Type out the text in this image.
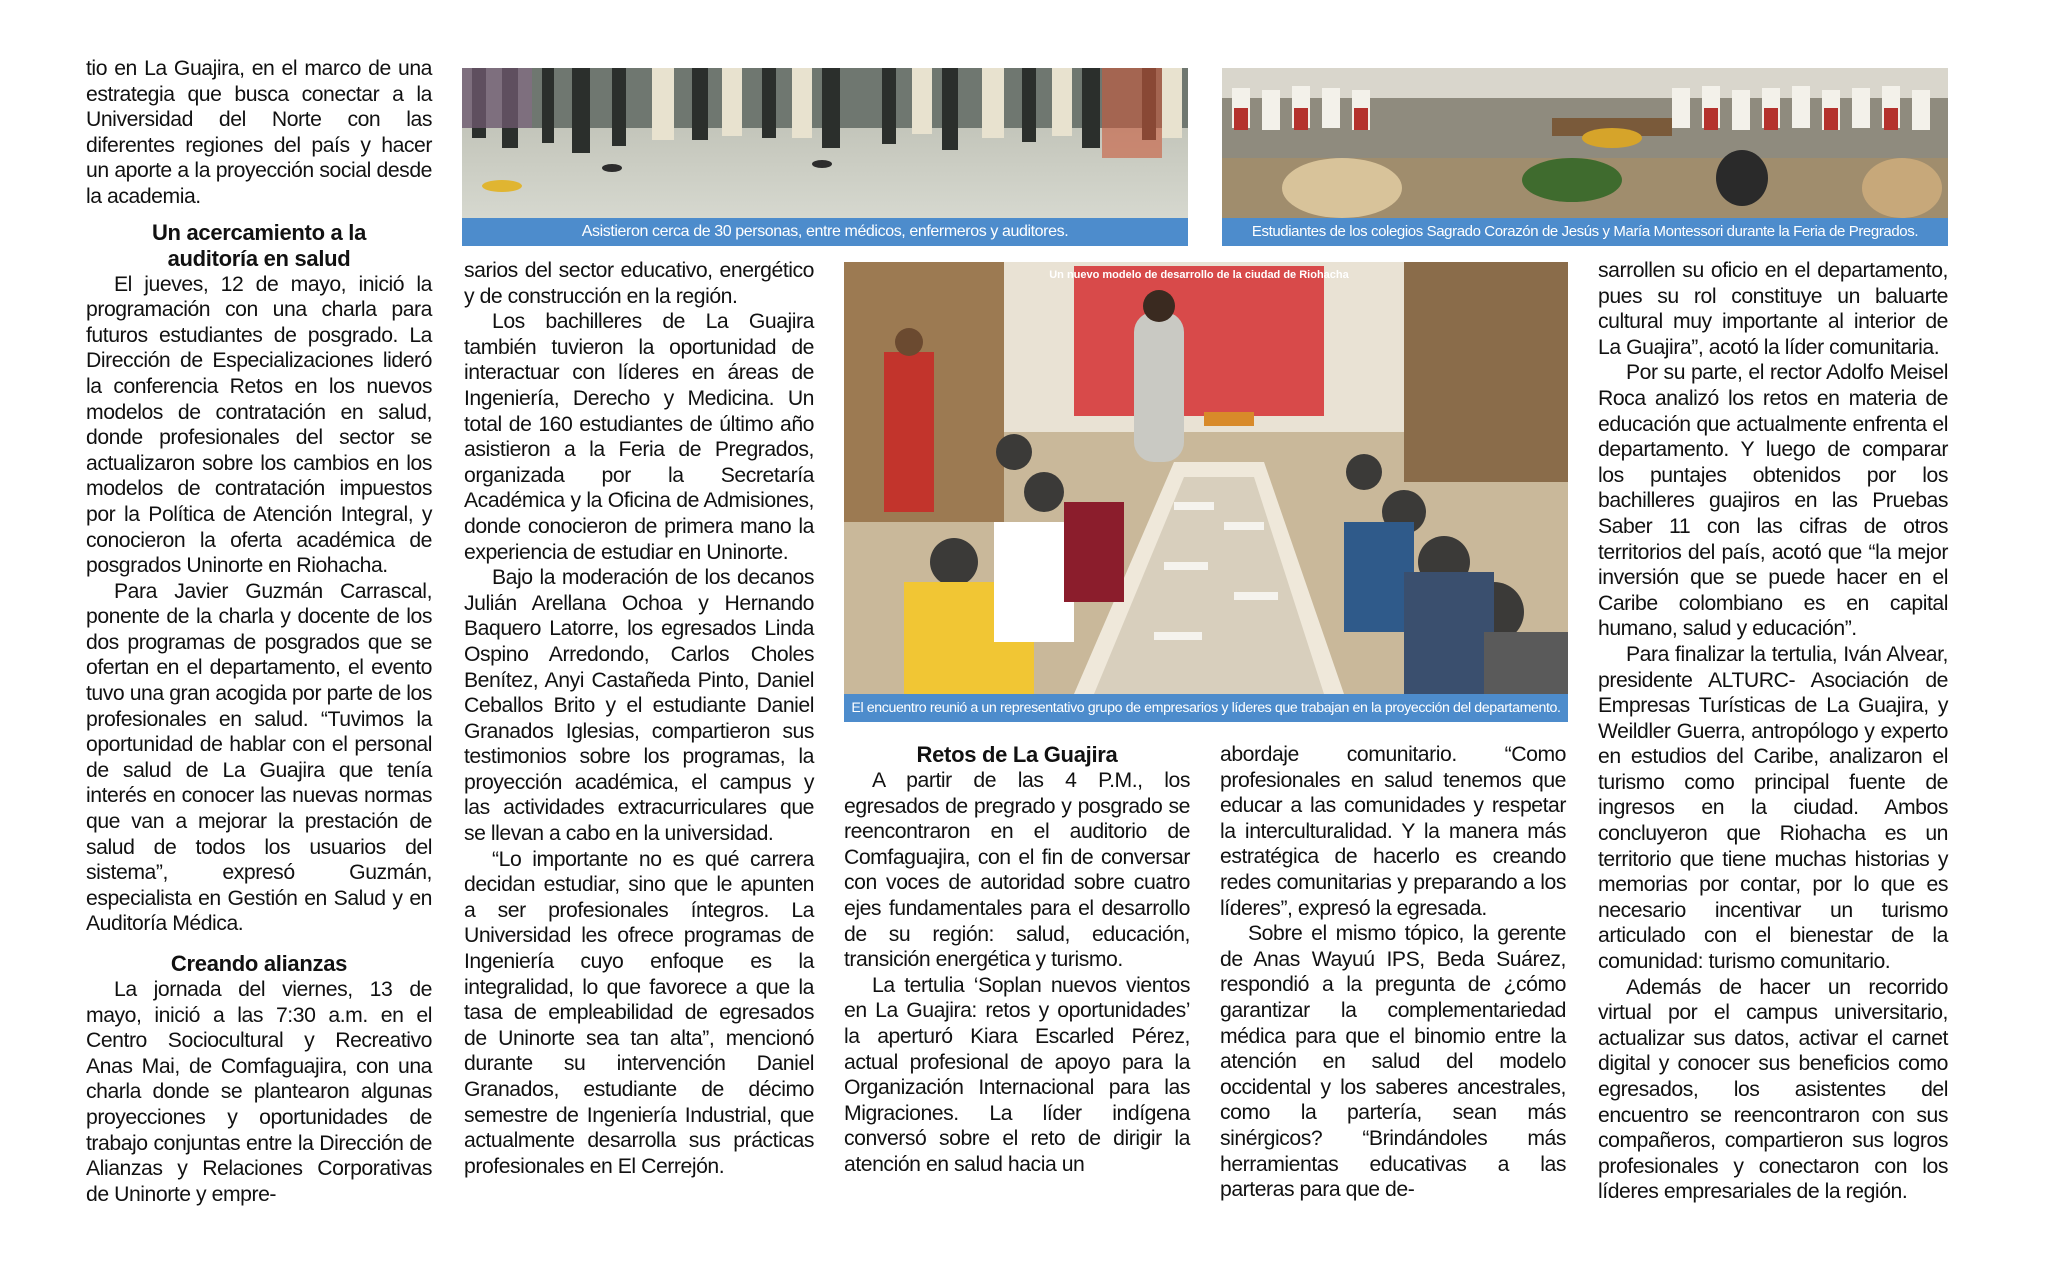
tio en La Guajira, en el marco de una estrategia que busca conectar a la Universidad del Norte con las diferentes regiones del país y hacer un aporte a la proyección social desde la academia.

Un acercamiento a la auditoría en salud

El jueves, 12 de mayo, inició la programación con una charla para futuros estudiantes de posgrado. La Dirección de Especializaciones lideró la conferencia Retos en los nuevos modelos de contratación en salud, donde profesionales del sector se actualizaron sobre los cambios en los modelos de contratación impuestos por la Política de Atención Integral, y conocieron la oferta académica de posgrados Uninorte en Riohacha.

Para Javier Guzmán Carrascal, ponente de la charla y docente de los dos programas de posgrados que se ofertan en el departamento, el evento tuvo una gran acogida por parte de los profesionales en salud. “Tuvimos la oportunidad de hablar con el personal de salud de La Guajira que tenía interés en conocer las nuevas normas que van a mejorar la prestación de salud de todos los usuarios del sistema”, expresó Guzmán, especialista en Gestión en Salud y en Auditoría Médica.

Creando alianzas

La jornada del viernes, 13 de mayo, inició a las 7:30 a.m. en el Centro Sociocultural y Recreativo Anas Mai, de Comfaguajira, con una charla donde se plantearon algunas proyecciones y oportunidades de trabajo conjuntas entre la Dirección de Alianzas y Relaciones Corporativas de Uninorte y empre-

Asistieron cerca de 30 personas, entre médicos, enfermeros y auditores.	Estudiantes de los colegios Sagrado Corazón de Jesús y María Montessori durante la Feria de Pregrados.

sarios del sector educativo, energético y de construcción en la región.

Los bachilleres de La Guajira también tuvieron la oportunidad de interactuar con líderes en áreas de Ingeniería, Derecho y Medicina. Un total de 160 estudiantes de último año asistieron a la Feria de Pregrados, organizada por la Secretaría Académica y la Oficina de Admisiones, donde conocieron de primera mano la experiencia de estudiar en Uninorte.

Bajo la moderación de los decanos Julián Arellana Ochoa y Hernando Baquero Latorre, los egresados Linda Ospino Arredondo, Carlos Choles Benítez, Anyi Castañeda Pinto, Daniel Ceballos Brito y el estudiante Daniel Granados Iglesias, compartieron sus testimonios sobre los programas, la proyección académica, el campus y las actividades extracurriculares que se llevan a cabo en la universidad.

“Lo importante no es qué carrera decidan estudiar, sino que le apunten a ser profesionales íntegros. La Universidad les ofrece programas de Ingeniería cuyo enfoque es la integralidad, lo que favorece a que la tasa de empleabilidad de egresados de Uninorte sea tan alta”, mencionó durante su intervención Daniel Granados, estudiante de décimo semestre de Ingeniería Industrial, que actualmente desarrolla sus prácticas profesionales en El Cerrejón.

Un nuevo modelo de desarrollo de la ciudad de Riohacha
El encuentro reunió a un representativo grupo de empresarios y líderes que trabajan en la proyección del departamento.
Retos de La Guajira

A partir de las 4 P.M., los egresados de pregrado y posgrado se reencontraron en el auditorio de Comfaguajira, con el fin de conversar con voces de autoridad sobre cuatro ejes fundamentales para el desarrollo de su región: salud, educación, transición energética y turismo.

La tertulia ‘Soplan nuevos vientos en La Guajira: retos y oportunidades’ la aperturó Kiara Escarled Pérez, actual profesional de apoyo para la Organización Internacional para las Migraciones. La líder indígena conversó sobre el reto de dirigir la atención en salud hacia un

abordaje comunitario. “Como profesionales en salud tenemos que educar a las comunidades y respetar la interculturalidad. Y la manera más estratégica de hacerlo es creando redes comunitarias y preparando a los líderes”, expresó la egresada.

Sobre el mismo tópico, la gerente de Anas Wayuú IPS, Beda Suárez, respondió a la pregunta de ¿cómo garantizar la complementariedad médica para que el binomio entre la atención en salud del modelo occidental y los saberes ancestrales, como la partería, sean más sinérgicos? “Brindándoles más herramientas educativas a las parteras para que de-

sarrollen su oficio en el departamento, pues su rol constituye un baluarte cultural muy importante al interior de La Guajira”, acotó la líder comunitaria.

Por su parte, el rector Adolfo Meisel Roca analizó los retos en materia de educación que actualmente enfrenta el departamento. Y luego de comparar los puntajes obtenidos por los bachilleres guajiros en las Pruebas Saber 11 con las cifras de otros territorios del país, acotó que “la mejor inversión que se puede hacer en el Caribe colombiano es en capital humano, salud y educación”.

Para finalizar la tertulia, Iván Alvear, presidente ALTURC- Asociación de Empresas Turísticas de La Guajira, y Weildler Guerra, antropólogo y experto en estudios del Caribe, analizaron el turismo como principal fuente de ingresos en la ciudad. Ambos concluyeron que Riohacha es un territorio que tiene muchas historias y memorias por contar, por lo que es necesario incentivar un turismo articulado con el bienestar de la comunidad: turismo comunitario.

Además de hacer un recorrido virtual por el campus universitario, actualizar sus datos, activar el carnet digital y conocer sus beneficios como egresados, los asistentes del encuentro se reencontraron con sus compañeros, compartieron sus logros profesionales y conectaron con los líderes empresariales de la región.
